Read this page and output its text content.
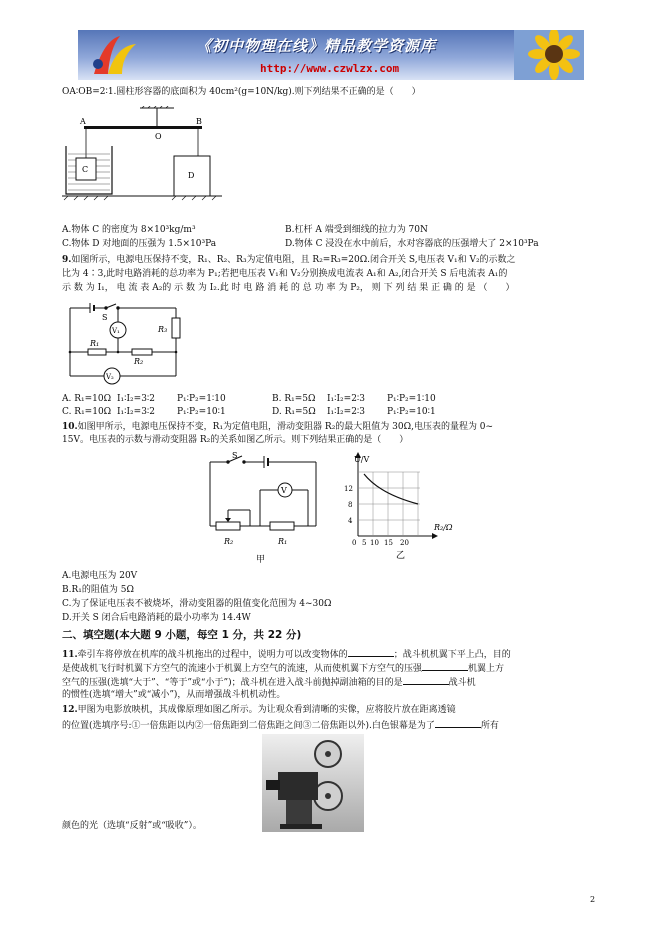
《初中物理在线》精品教学资源库
http://www.czwlzx.com
OA∶OB=2∶1.圆柱形容器的底面积为 40cm²(g=10N/kg).则下列结果不正确的是（　　）
A
O
B
C
D
A.物体 C 的密度为 8×10³kg/m³	B.杠杆 A 端受到细线的拉力为 70N
C.物体 D 对地面的压强为 1.5×10³Pa	D.物体 C 浸没在水中前后，水对容器底的压强增大了 2×10³Pa
9.如图所示，电源电压保持不变，R₁、R₂、R₃为定值电阻，且 R₂=R₃=20Ω.闭合开关 S,电压表 V₁和 V₂的示数之
比为 4∶3,此时电路消耗的总功率为 P₁;若把电压表 V₁和 V₂分别换成电流表 A₁和 A₂,闭合开关 S 后电流表 A₁的
示 数 为 I₁， 电 流 表 A₂的 示 数 为 I₂.此 时 电 路 消 耗 的 总 功 率 为 P₂， 则 下 列 结 果 正 确 的 是 （　　）
S
V₁	R₃
R₁
R₂
V₂
A. R₁=10Ω I₁∶I₂=3∶2 P₁∶P₂=1∶10	B. R₁=5Ω I₁∶I₂=2∶3 P₁∶P₂=1∶10
C. R₁=10Ω I₁∶I₂=3∶2 P₁∶P₂=10∶1	D. R₁=5Ω I₁∶I₂=2∶3 P₁∶P₂=10∶1
10.如图甲所示，电源电压保持不变，R₁为定值电阻，滑动变阻器 R₂的最大阻值为 30Ω,电压表的量程为 0~
15V。电压表的示数与滑动变阻器 R₂的关系如图乙所示。则下列结果正确的是（　　）
S
V
R₂	R₁
甲
U/V
R₂/Ω
12
8
4
0 5 10 15 20
乙
A.电源电压为 20V
B.R₁的阻值为 5Ω
C.为了保证电压表不被烧坏，滑动变阻器的阻值变化范围为 4~30Ω
D.开关 S 闭合后电路消耗的最小功率为 14.4W
二、填空题(本大题 9 小题，每空 1 分，共 22 分)
11.牵引车将停放在机库的战斗机拖出的过程中，说明力可以改变物体的	；战斗机机翼下平上凸，目的
是使战机飞行时机翼下方空气的流速小于机翼上方空气的流速，从而使机翼下方空气的压强	机翼上方
空气的压强(选填“大于”、“等于”或“小于”)；战斗机在进入战斗前抛掉副油箱的目的是	战斗机
的惯性(选填“增大”或“减小”)，从而增强战斗机机动性。
12.甲图为电影放映机，其成像原理如图乙所示。为让观众看到清晰的实像，应将胶片放在距离透镜
的位置(选填序号:①一倍焦距以内②一倍焦距到二倍焦距之间③二倍焦距以外).白色银幕是为了	所有
颜色的光（选填“反射”或“吸收”）。
2
